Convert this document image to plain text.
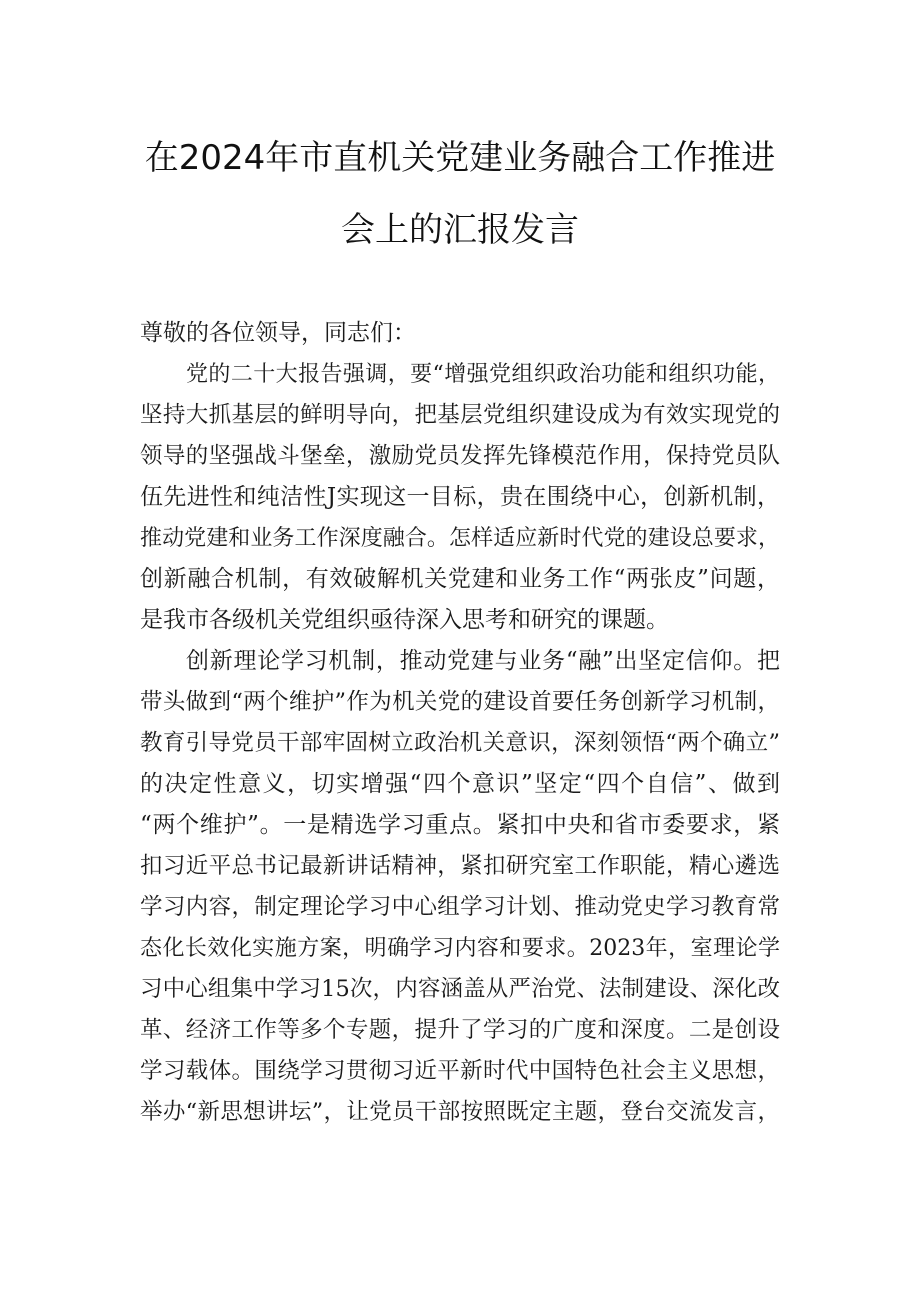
在2024年市直机关党建业务融合工作推进
会上的汇报发言
尊敬的各位领导，同志们：
党的二十大报告强调，要“增强党组织政治功能和组织功能，
坚持大抓基层的鲜明导向，把基层党组织建设成为有效实现党的
领导的坚强战斗堡垒，激励党员发挥先锋模范作用，保持党员队
伍先进性和纯洁性J实现这一目标，贵在围绕中心，创新机制，
推动党建和业务工作深度融合。怎样适应新时代党的建设总要求，
创新融合机制，有效破解机关党建和业务工作“两张皮”问题，
是我市各级机关党组织亟待深入思考和研究的课题。
创新理论学习机制，推动党建与业务“融”出坚定信仰。把
带头做到“两个维护”作为机关党的建设首要任务创新学习机制，
教育引导党员干部牢固树立政治机关意识，深刻领悟“两个确立”
的决定性意义，切实增强“四个意识”坚定“四个自信”、做到
“两个维护”。一是精选学习重点。紧扣中央和省市委要求，紧
扣习近平总书记最新讲话精神，紧扣研究室工作职能，精心遴选
学习内容，制定理论学习中心组学习计划、推动党史学习教育常
态化长效化实施方案，明确学习内容和要求。2023年，室理论学
习中心组集中学习15次，内容涵盖从严治党、法制建设、深化改
革、经济工作等多个专题，提升了学习的广度和深度。二是创设
学习载体。围绕学习贯彻习近平新时代中国特色社会主义思想，
举办“新思想讲坛”，让党员干部按照既定主题，登台交流发言，
